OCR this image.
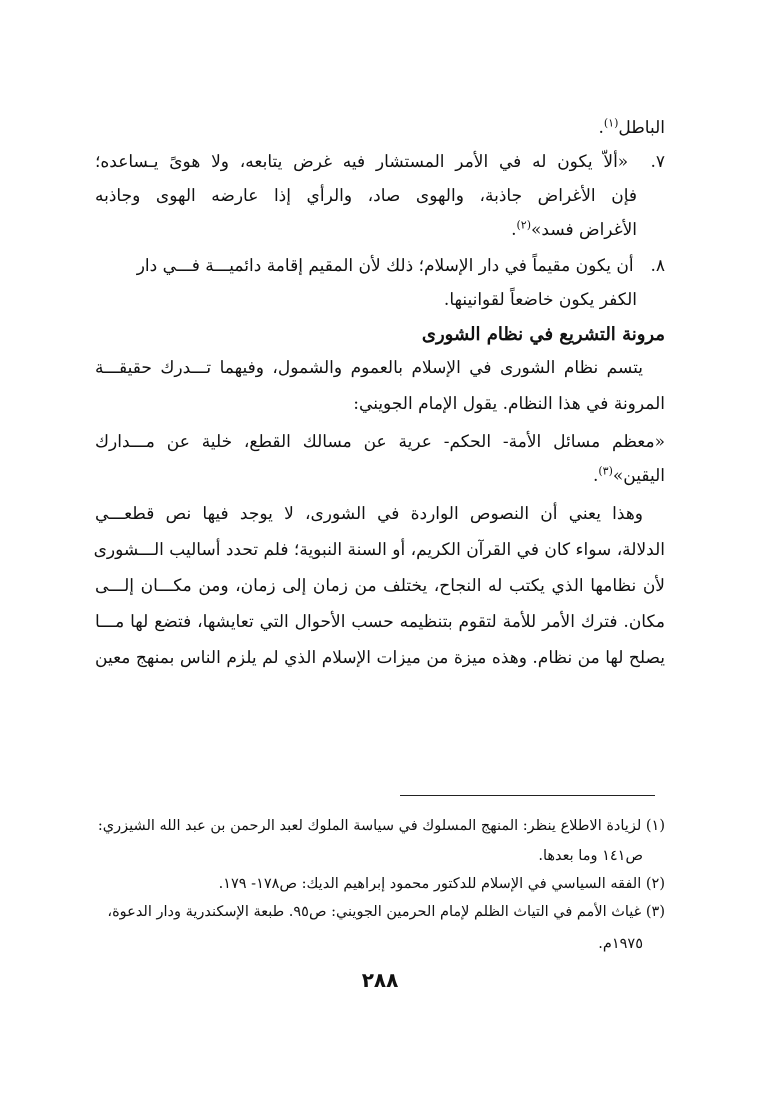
الباطل$^{(١)}$.
٧. «ألاّ يكون له في الأمر المستشار فيه غرض يتابعه، ولا هوىً يـساعده؛
فإن الأغراض جاذبة، والهوى صاد، والرأي إذا عارضه الهوى وجاذبه
الأغراض فسد»$^{(٢)}$.
٨. أن يكون مقيماً في دار الإسلام؛ ذلك لأن المقيم إقامة دائميـــة فـــي دار
الكفر يكون خاضعاً لقوانينها.
مرونة التشريع في نظام الشورى
يتسم نظام الشورى في الإسلام بالعموم والشمول، وفيهما تـــدرك حقيقـــة
المرونة في هذا النظام. يقول الإمام الجويني:
«معظم مسائل الأمة- الحكم- عرية عن مسالك القطع، خلية عن مـــدارك
اليقين»$^{(٣)}$.
وهذا يعني أن النصوص الواردة في الشورى، لا يوجد فيها نص قطعـــي
الدلالة، سواء كان في القرآن الكريم، أو السنة النبوية؛ فلم تحدد أساليب الـــشورى
لأن نظامها الذي يكتب له النجاح، يختلف من زمان إلى زمان، ومن مكـــان إلـــى
مكان. فترك الأمر للأمة لتقوم بتنظيمه حسب الأحوال التي تعايشها، فتضع لها مـــا
يصلح لها من نظام. وهذه ميزة من ميزات الإسلام الذي لم يلزم الناس بمنهج معين
(١) لزيادة الاطلاع ينظر: المنهج المسلوك في سياسة الملوك لعبد الرحمن بن عبد الله الشيزري:
ص١٤١ وما بعدها.
(٢) الفقه السياسي في الإسلام للدكتور محمود إبراهيم الديك: ص١٧٨- ١٧٩.
(٣) غياث الأمم في التياث الظلم لإمام الحرمين الجويني: ص٩٥. طبعة الإسكندرية ودار الدعوة،
١٩٧٥م.
٢٨٨
